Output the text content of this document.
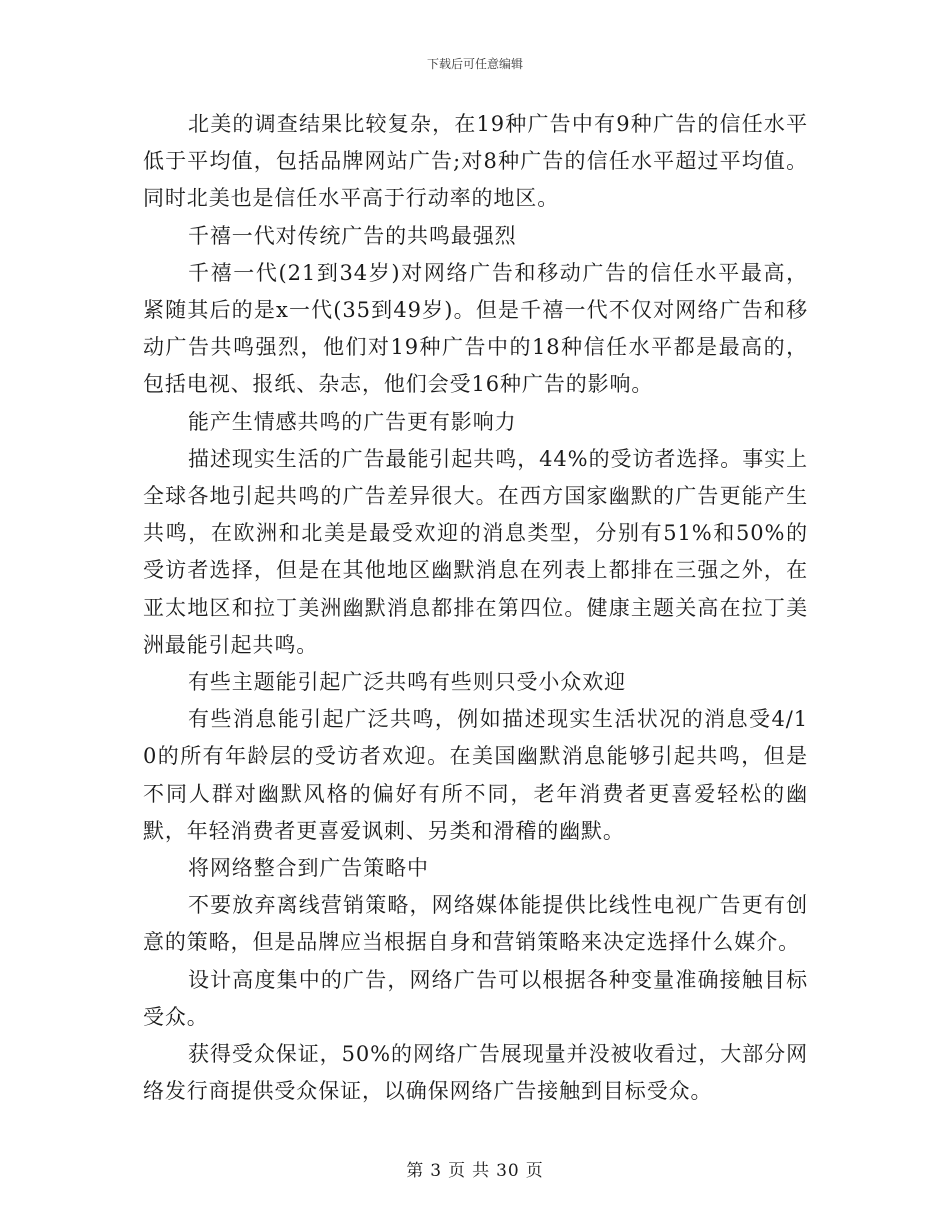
下载后可任意编辑

北美的调查结果比较复杂，在19种广告中有9种广告的信任水平低于平均值，包括品牌网站广告;对8种广告的信任水平超过平均值。同时北美也是信任水平高于行动率的地区。

千禧一代对传统广告的共鸣最强烈

千禧一代(21到34岁)对网络广告和移动广告的信任水平最高，紧随其后的是x一代(35到49岁)。但是千禧一代不仅对网络广告和移动广告共鸣强烈，他们对19种广告中的18种信任水平都是最高的，包括电视、报纸、杂志，他们会受16种广告的影响。

能产生情感共鸣的广告更有影响力

描述现实生活的广告最能引起共鸣，44%的受访者选择。事实上全球各地引起共鸣的广告差异很大。在西方国家幽默的广告更能产生共鸣，在欧洲和北美是最受欢迎的消息类型，分别有51%和50%的受访者选择，但是在其他地区幽默消息在列表上都排在三强之外，在亚太地区和拉丁美洲幽默消息都排在第四位。健康主题关高在拉丁美洲最能引起共鸣。

有些主题能引起广泛共鸣有些则只受小众欢迎

有些消息能引起广泛共鸣，例如描述现实生活状况的消息受4/10的所有年龄层的受访者欢迎。在美国幽默消息能够引起共鸣，但是不同人群对幽默风格的偏好有所不同，老年消费者更喜爱轻松的幽默，年轻消费者更喜爱讽刺、另类和滑稽的幽默。

将网络整合到广告策略中

不要放弃离线营销策略，网络媒体能提供比线性电视广告更有创意的策略，但是品牌应当根据自身和营销策略来决定选择什么媒介。

设计高度集中的广告，网络广告可以根据各种变量准确接触目标受众。

获得受众保证，50%的网络广告展现量并没被收看过，大部分网络发行商提供受众保证，以确保网络广告接触到目标受众。

第 3 页 共 30 页
